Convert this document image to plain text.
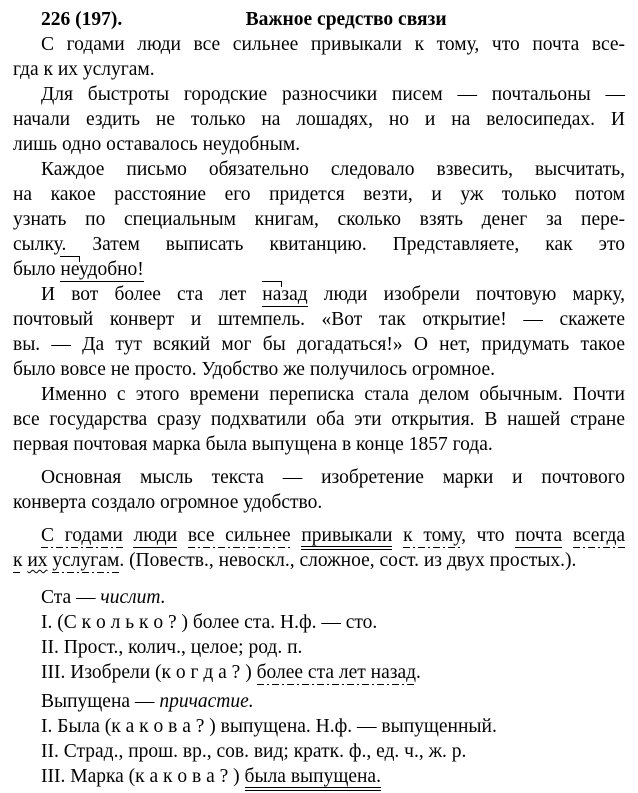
226 (197).	Важное средство связи
С годами люди все сильнее привыкали к тому, что почта все-
гда к их услугам.
Для быстроты городские разносчики писем — почтальоны —
начали ездить не только на лошадях, но и на велосипедах. И
лишь одно оставалось неудобным.
Каждое письмо обязательно следовало взвесить, высчитать,
на какое расстояние его придется везти, и уж только потом
узнать по специальным книгам, сколько взять денег за пере-
сылку. Затем выписать квитанцию. Представляете, как это
было неудобно!
И вот более ста лет назад люди изобрели почтовую марку,
почтовый конверт и штемпель. «Вот так открытие! — скажете
вы. — Да тут всякий мог бы догадаться!» О нет, придумать такое
было вовсе не просто. Удобство же получилось огромное.
Именно с этого времени переписка стала делом обычным. Почти
все государства сразу подхватили оба эти открытия. В нашей стране
первая почтовая марка была выпущена в конце 1857 года.
Основная мысль текста — изобретение марки и почтового
конверта создало огромное удобство.
С годами люди все сильнее привыкали к тому, что почта всегда
к их услугам. (Повеств., невоскл., сложное, сост. из двух простых.).
Ста — числит.
I. (С к о л ь к о ? ) более ста. Н.ф. — сто.
II. Прост., колич., целое; род. п.
III. Изобрели (к о г д а ? ) более ста лет назад.
Выпущена — причастие.
I. Была (к а к о в а ? ) выпущена. Н.ф. — выпущенный.
II. Страд., прош. вр., сов. вид; кратк. ф., ед. ч., ж. р.
III. Марка (к а к о в а ? ) была выпущена.
